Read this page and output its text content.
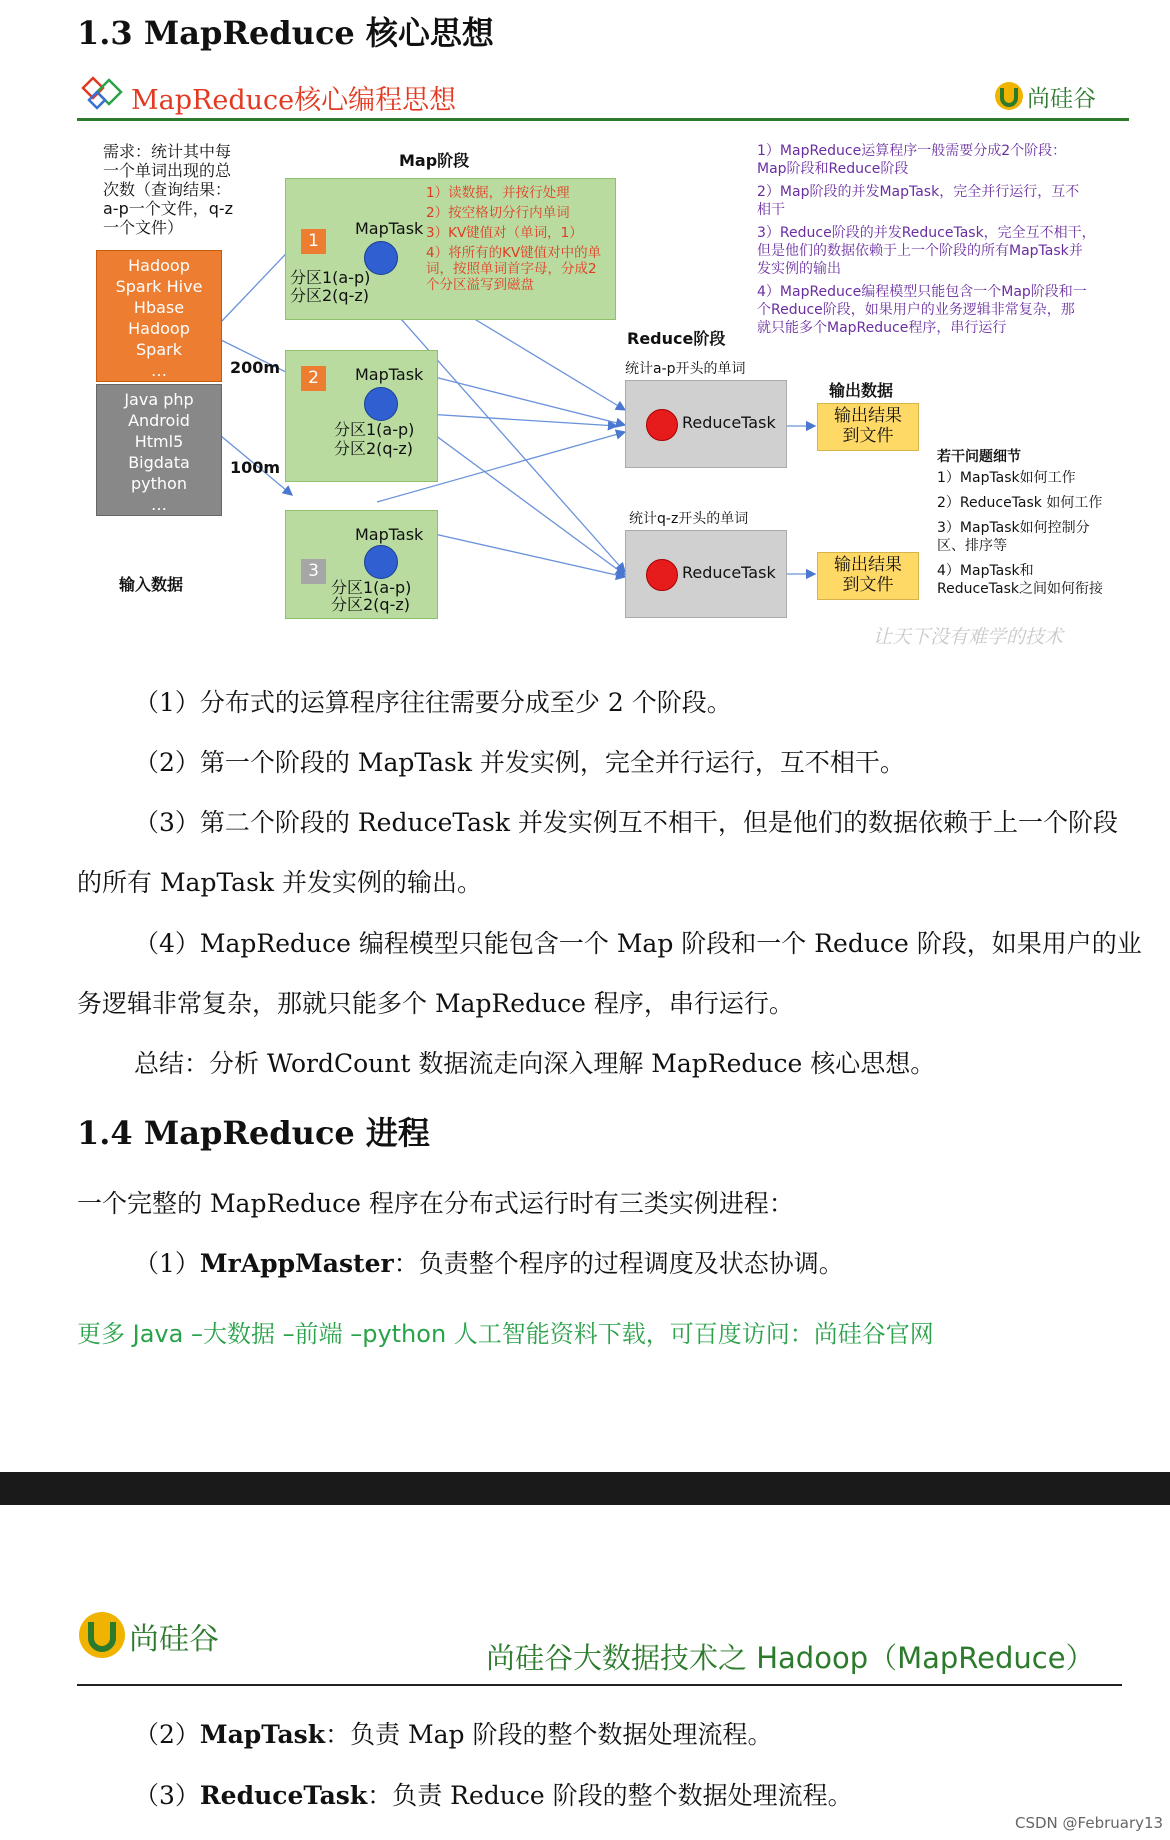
1.3 MapReduce 核心思想
MapReduce核心编程思想	尚硅谷
需求：统计其中每
一个单词出现的总
次数（查询结果：
a-p一个文件，q-z
一个文件）
Hadoop
Spark Hive
Hbase
Hadoop
Spark
…
Java php
Android
Html5
Bigdata
python
…
输入数据
Map阶段
200m
100m
1
MapTask
分区1(a-p)
分区2(q-z)
1）读数据，并按行处理
2）按空格切分行内单词
3）KV键值对（单词，1）
4）将所有的KV键值对中的单
词，按照单词首字母，分成2
个分区溢写到磁盘
2	MapTask
分区1(a-p)
分区2(q-z)
3
MapTask
分区1(a-p)
分区2(q-z)
Reduce阶段
统计a-p开头的单词
ReduceTask
统计q-z开头的单词
ReduceTask
输出数据
输出结果
到文件
输出结果
到文件
1）MapReduce运算程序一般需要分成2个阶段：
Map阶段和Reduce阶段
2）Map阶段的并发MapTask，完全并行运行，互不
相干
3）Reduce阶段的并发ReduceTask，完全互不相干，
但是他们的数据依赖于上一个阶段的所有MapTask并
发实例的输出
4）MapReduce编程模型只能包含一个Map阶段和一
个Reduce阶段，如果用户的业务逻辑非常复杂，那
就只能多个MapReduce程序，串行运行
若干问题细节
1）MapTask如何工作
2）ReduceTask 如何工作
3）MapTask如何控制分
区、排序等
4）MapTask和
ReduceTask之间如何衔接
让天下没有难学的技术
（1）分布式的运算程序往往需要分成至少 2 个阶段。
（2）第一个阶段的 MapTask 并发实例，完全并行运行，互不相干。
（3）第二个阶段的 ReduceTask 并发实例互不相干，但是他们的数据依赖于上一个阶段
的所有 MapTask 并发实例的输出。
（4）MapReduce 编程模型只能包含一个 Map 阶段和一个 Reduce 阶段，如果用户的业
务逻辑非常复杂，那就只能多个 MapReduce 程序，串行运行。
总结：分析 WordCount 数据流走向深入理解 MapReduce 核心思想。
1.4 MapReduce 进程
一个完整的 MapReduce 程序在分布式运行时有三类实例进程：
（1）MrAppMaster：负责整个程序的过程调度及状态协调。
更多 Java –大数据 –前端 –python 人工智能资料下载，可百度访问：尚硅谷官网
尚硅谷
尚硅谷大数据技术之 Hadoop（MapReduce）
（2）MapTask：负责 Map 阶段的整个数据处理流程。
（3）ReduceTask：负责 Reduce 阶段的整个数据处理流程。
CSDN @February13
